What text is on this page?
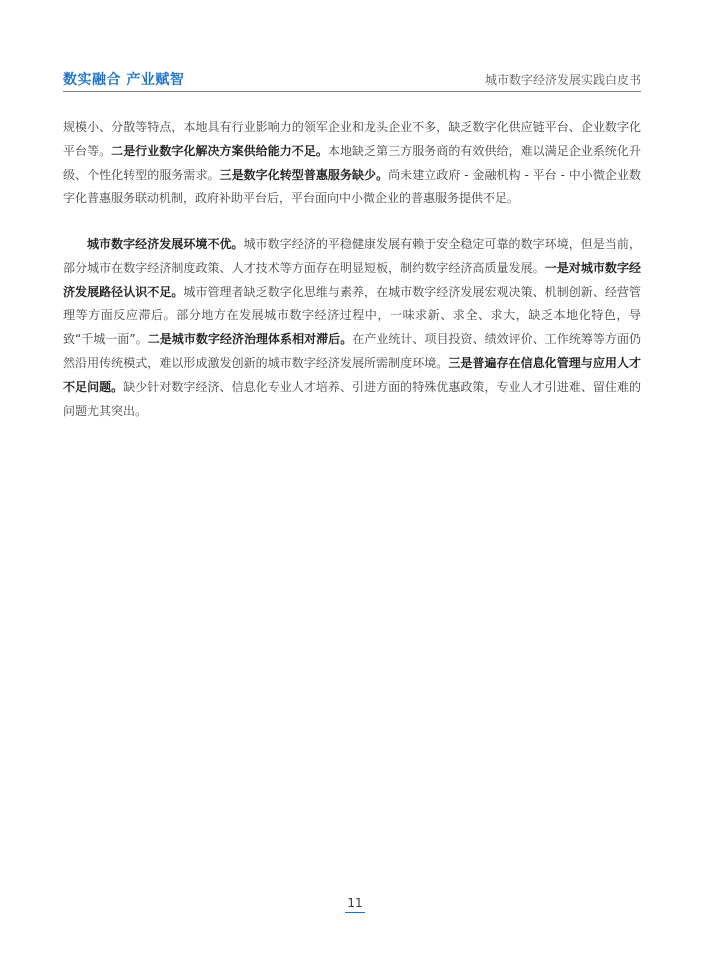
数实融合 产业赋智	城市数字经济发展实践白皮书

规模小、分散等特点，本地具有行业影响力的领军企业和龙头企业不多，缺乏数字化供应链平台、企业数字化平台等。二是行业数字化解决方案供给能力不足。本地缺乏第三方服务商的有效供给，难以满足企业系统化升级、个性化转型的服务需求。三是数字化转型普惠服务缺少。尚未建立政府 - 金融机构 - 平台 - 中小微企业数字化普惠服务联动机制，政府补助平台后，平台面向中小微企业的普惠服务提供不足。

城市数字经济发展环境不优。城市数字经济的平稳健康发展有赖于安全稳定可靠的数字环境，但是当前，部分城市在数字经济制度政策、人才技术等方面存在明显短板，制约数字经济高质量发展。一是对城市数字经济发展路径认识不足。城市管理者缺乏数字化思维与素养，在城市数字经济发展宏观决策、机制创新、经营管理等方面反应滞后。部分地方在发展城市数字经济过程中，一味求新、求全、求大，缺乏本地化特色，导致“千城一面”。二是城市数字经济治理体系相对滞后。在产业统计、项目投资、绩效评价、工作统筹等方面仍然沿用传统模式，难以形成激发创新的城市数字经济发展所需制度环境。三是普遍存在信息化管理与应用人才不足问题。缺少针对数字经济、信息化专业人才培养、引进方面的特殊优惠政策，专业人才引进难、留住难的问题尤其突出。

11
